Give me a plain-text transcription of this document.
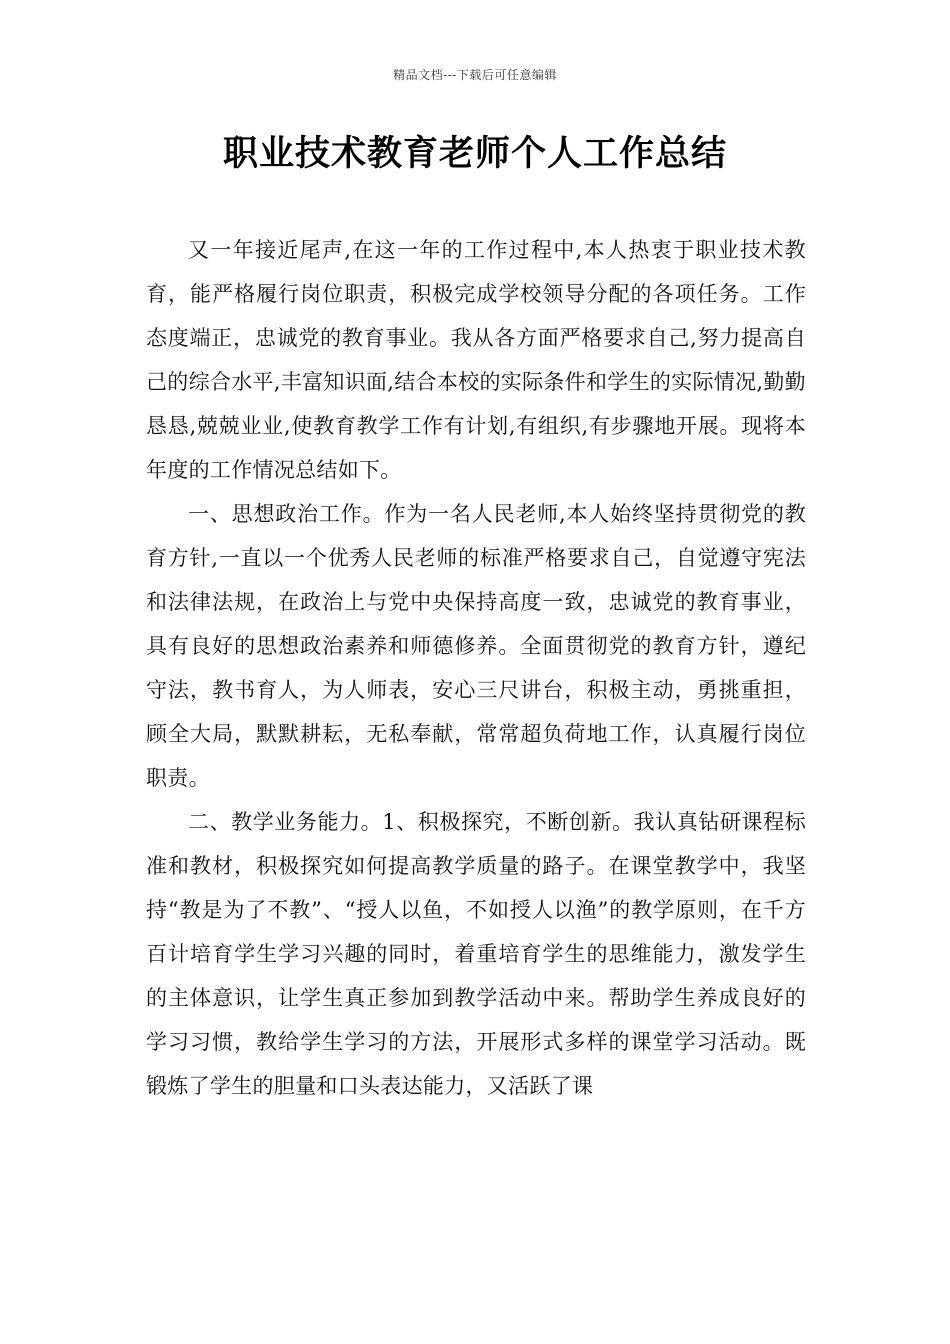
精品文档---下载后可任意编辑
职业技术教育老师个人工作总结

又一年接近尾声,在这一年的工作过程中,本人热衷于职业技术教育，能严格履行岗位职责，积极完成学校领导分配的各项任务。工作态度端正，忠诚党的教育事业。我从各方面严格要求自己,努力提高自己的综合水平,丰富知识面,结合本校的实际条件和学生的实际情况,勤勤恳恳,兢兢业业,使教育教学工作有计划,有组织,有步骤地开展。现将本年度的工作情况总结如下。

一、思想政治工作。作为一名人民老师,本人始终坚持贯彻党的教育方针,一直以一个优秀人民老师的标准严格要求自己，自觉遵守宪法和法律法规，在政治上与党中央保持高度一致，忠诚党的教育事业，具有良好的思想政治素养和师德修养。全面贯彻党的教育方针，遵纪守法，教书育人，为人师表，安心三尺讲台，积极主动，勇挑重担，顾全大局，默默耕耘，无私奉献，常常超负荷地工作，认真履行岗位职责。

二、教学业务能力。1、积极探究，不断创新。我认真钻研课程标准和教材，积极探究如何提高教学质量的路子。在课堂教学中，我坚持“教是为了不教”、“授人以鱼，不如授人以渔”的教学原则，在千方百计培育学生学习兴趣的同时，着重培育学生的思维能力，激发学生的主体意识，让学生真正参加到教学活动中来。帮助学生养成良好的学习习惯，教给学生学习的方法，开展形式多样的课堂学习活动。既锻炼了学生的胆量和口头表达能力，又活跃了课
